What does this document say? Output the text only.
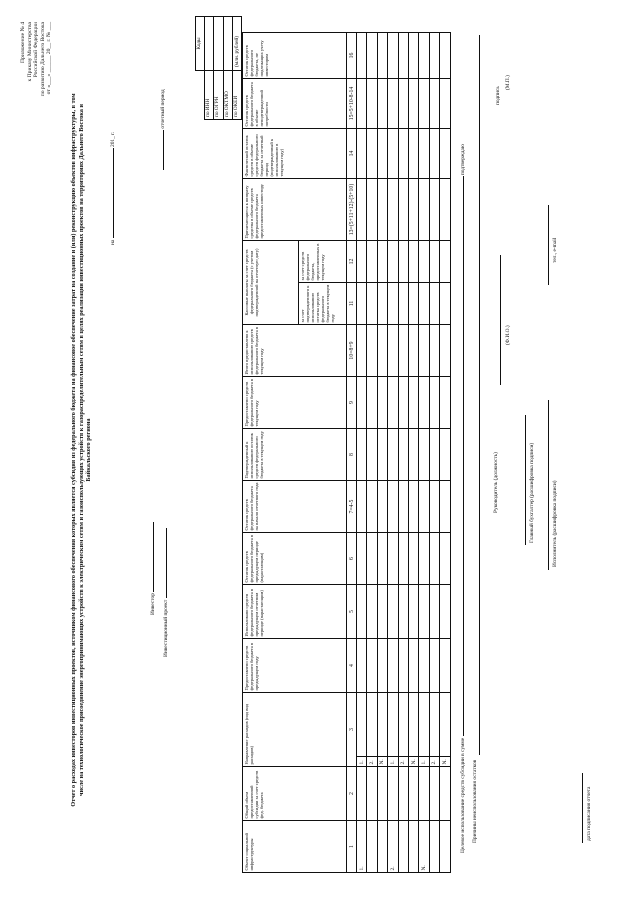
Приложение № 4 к Приказу Министерства Российской Федерации по развитию Дальнего Востока от «___» ______ 20__ г. № ___
Отчет о расходах инвесторов инвестиционных проектов, источником финансового обеспечения которых является субсидия из федерального бюджета на финансовое обеспечение затрат на создание и (или) реконструкцию объектов инфраструктуры, в том числе на технологическое присоединение энергопринимающих устройств к электрическим сетям и газоиспользующих устройств к газораспределительным сетям в целях реализации инвестиционных проектов на территориях Дальнего Востока и Байкальского региона
на  201_ г.
Инвестор Инвестиционный проект
отчетный период
	Коды
по ИНН	
по ОГРН	
по ОКТМО	
по ОКЕИ	
(млн. рублей)
Объект социальной инфраструктуры	Общий объем предоставленной субсидии за счет средств фед. бюджета	Направление расходов (под вид расходов)		Предоставлено средств федерального бюджета в предыдущем году	Использовано средств федерального бюджета в предыдущем отчетном периоде (нарастающим)	Остаток средств федерального бюджета в предыдущем периоде (нарастающим)	Остаток средств федерального бюджета на начало отчетного года	Подтвержденный к использованию остаток средств федерального бюджета в текущем году	Предоставлено средств федерального бюджета в текущем году	Итого предоставлено к использованию средств федерального бюджета в текущем году	Кассовые выплаты за счет средств федерального бюджета (с учетом подтвержденной на отчетную дату)		Причитающиеся к возврату средства в объеме средств федерального бюджета предоставленных инвестору	Фактический остаток средств в объеме средств федерального бюджета за отчетный период (подтвержденный к использованию в текущем году)	Остаток средств федерального бюджета в объеме неподтвержденной потребности	Остаток средств федерального бюджета, не подлежащих учету инвестором
											за счет подтвержденного к использованию остатка средств федерального бюджета в текущем году	за счет средств федерального бюджета, предоставленных в текущем году				
1	2	3		4	5	6	7=4-5	8	9	10=8+9	11	12	13=(5+11+12)-(5+10)	14	15=5+10-8-14	16
1.		1.														
		2.														
		N.														
2.		1.														
		2.														
		N.														
N.		1.														
		2.														
		N.														Целевое использование средств субсидии в сумме  подтверждаю
Причины неиспользования остатков
Руководитель (должность)
(Ф.И.О.)
подпись
(М.П.)
Главный бухгалтер (расшифровка подписи)	Исполнитель (расшифровка подписи)
тел., e-mail
дата подписания отчета
